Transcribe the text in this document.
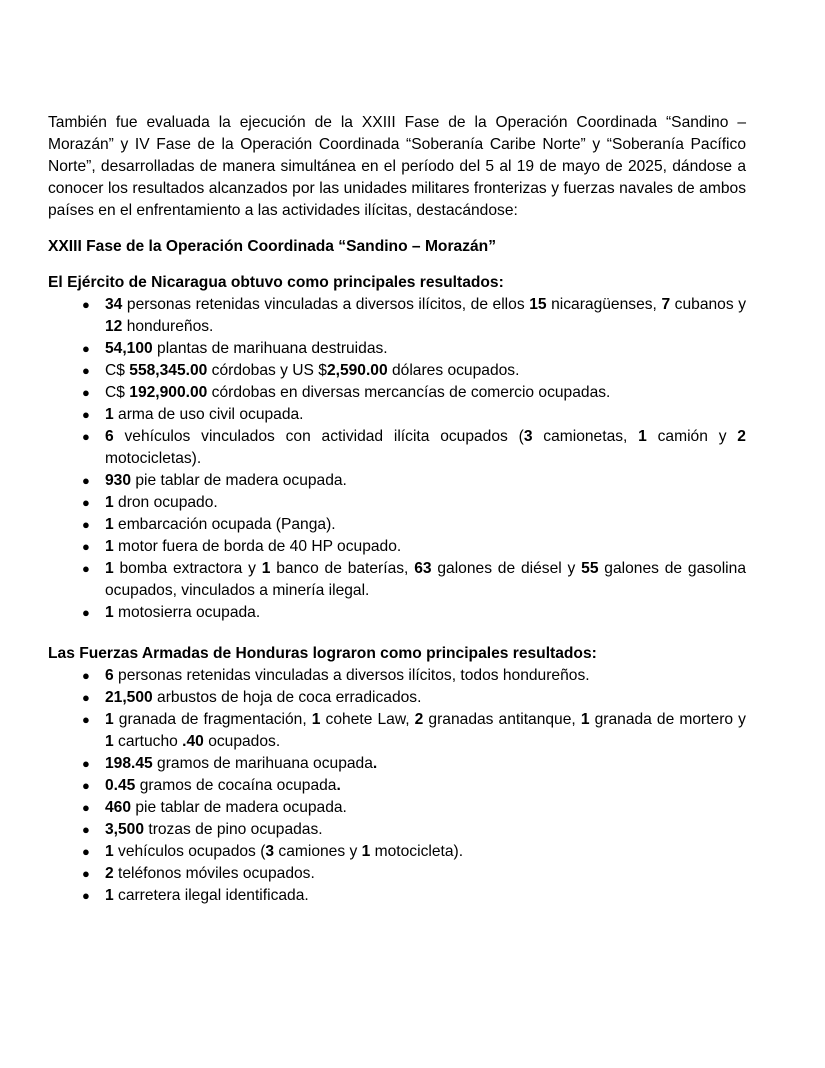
También fue evaluada la ejecución de la XXIII Fase de la Operación Coordinada “Sandino – Morazán” y IV Fase de la Operación Coordinada “Soberanía Caribe Norte” y “Soberanía Pacífico Norte”, desarrolladas de manera simultánea en el período del 5 al 19 de mayo de 2025, dándose a conocer los resultados alcanzados por las unidades militares fronterizas y fuerzas navales de ambos países en el enfrentamiento a las actividades ilícitas, destacándose:

XXIII Fase de la Operación Coordinada “Sandino – Morazán”

El Ejército de Nicaragua obtuvo como principales resultados:

● 34 personas retenidas vinculadas a diversos ilícitos, de ellos 15 nicaragüenses, 7 cubanos y 12 hondureños.
● 54,100 plantas de marihuana destruidas.
● C$ 558,345.00 córdobas y US $2,590.00 dólares ocupados.
● C$ 192,900.00 córdobas en diversas mercancías de comercio ocupadas.
● 1 arma de uso civil ocupada.
● 6 vehículos vinculados con actividad ilícita ocupados (3 camionetas, 1 camión y 2 motocicletas).
● 930 pie tablar de madera ocupada.
● 1 dron ocupado.
● 1 embarcación ocupada (Panga).
● 1 motor fuera de borda de 40 HP ocupado.
● 1 bomba extractora y 1 banco de baterías, 63 galones de diésel y 55 galones de gasolina ocupados, vinculados a minería ilegal.
● 1 motosierra ocupada.

Las Fuerzas Armadas de Honduras lograron como principales resultados:

● 6 personas retenidas vinculadas a diversos ilícitos, todos hondureños.
● 21,500 arbustos de hoja de coca erradicados.
● 1 granada de fragmentación, 1 cohete Law, 2 granadas antitanque, 1 granada de mortero y 1 cartucho .40 ocupados.
● 198.45 gramos de marihuana ocupada.
● 0.45 gramos de cocaína ocupada.
● 460 pie tablar de madera ocupada.
● 3,500 trozas de pino ocupadas.
● 1 vehículos ocupados (3 camiones y 1 motocicleta).
● 2 teléfonos móviles ocupados.
● 1 carretera ilegal identificada.
